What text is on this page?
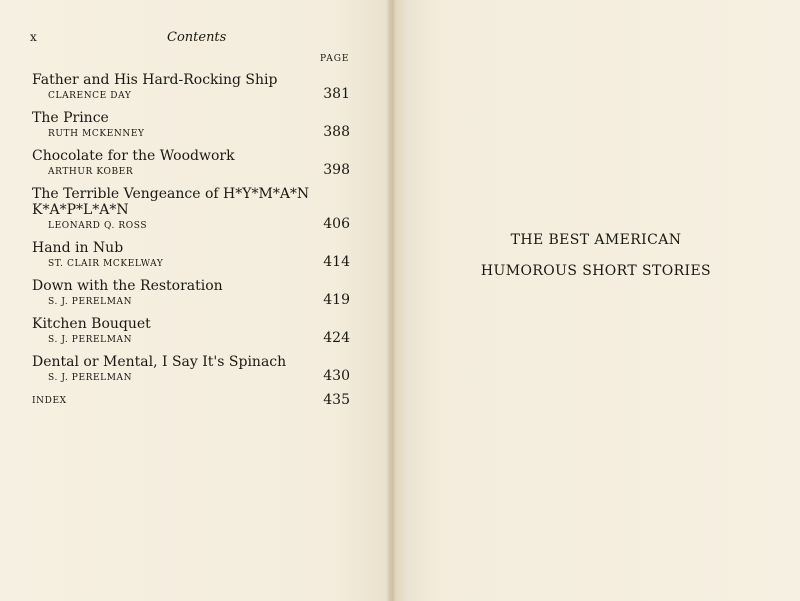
x	Contents
PAGE
Father and His Hard-Rocking Ship
CLARENCE DAY	381
The Prince
RUTH MCKENNEY	388
Chocolate for the Woodwork
ARTHUR KOBER	398
The Terrible Vengeance of H*Y*M*A*N K*A*P*L*A*N
LEONARD Q. ROSS	406
Hand in Nub
ST. CLAIR MCKELWAY	414
Down with the Restoration
S. J. PERELMAN	419
Kitchen Bouquet
S. J. PERELMAN	424
Dental or Mental, I Say It's Spinach
S. J. PERELMAN	430
INDEX	435
THE BEST AMERICAN
HUMOROUS SHORT STORIES
